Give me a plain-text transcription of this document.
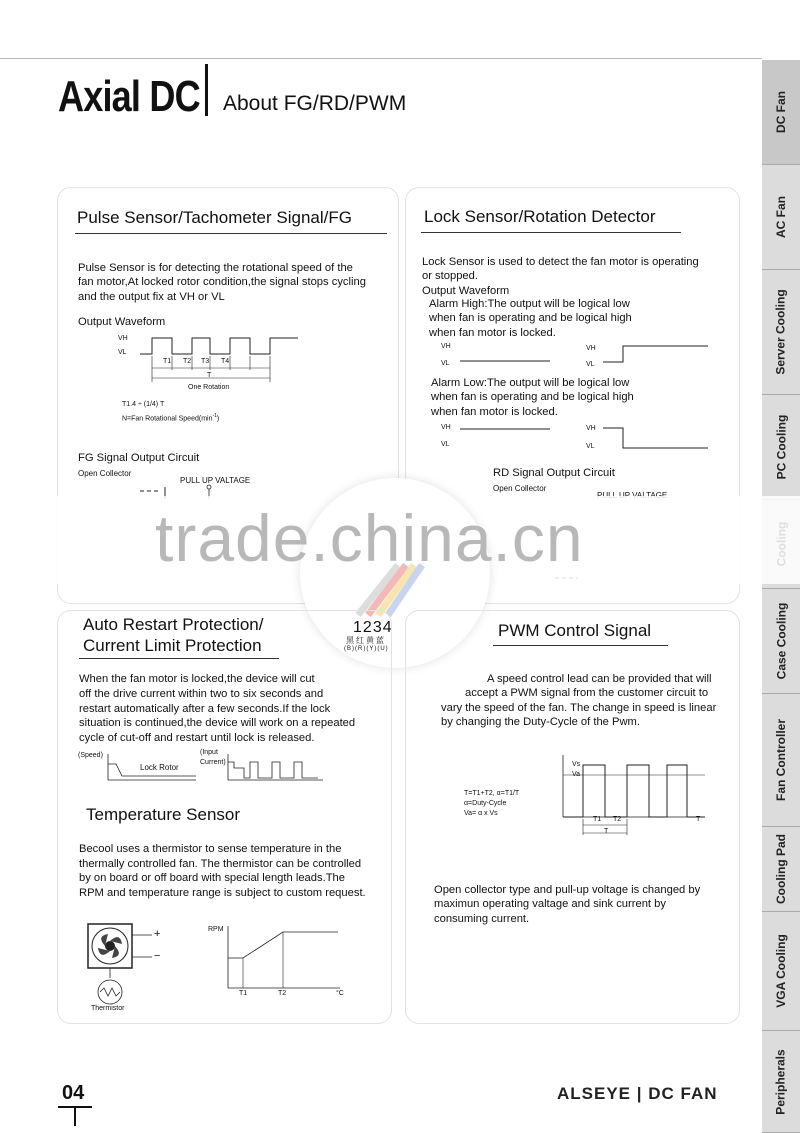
Axial DC About FG/RD/PWM	DC Fan
AC Fan
Server Cooling
PC Cooling
Case Cooling
Fan Controller
Cooling Pad
VGA Cooling
Peripherals
Pulse Sensor/Tachometer Signal/FG
Pulse Sensor is for detecting the rotational speed of the
fan motor,At locked rotor condition,the signal stops cycling
and the output fix at VH or VL
Output Waveform
VH
VL
T1 T2 T3 T4
T
One Rotation
T1.4 ÷ (1/4) T
N=Fan Rotational $Speed(\min^{-1})$
FG Signal Output Circuit
Open Collector
PULL UP VALTAGE
Lock Sensor/Rotation Detector
Lock Sensor is used to detect the fan motor is operating
or stopped.
Output Waveform
Alarm High:The output will be logical low
when fan is operating and be logical high
when fan motor is locked.
VH
VL
VH
VL
Alarm Low:The output will be logical low
when fan is operating and be logical high
when fan motor is locked.
VH
VL
VH
VL
RD Signal Output Circuit
Open Collector
trade.china.cn
1234
黑红黄蓝
(B)(R)(Y)(U)
Auto Restart Protection/
Current Limit Protection
When the fan motor is locked,the device will cut
off the drive current within two to six seconds and
restart automatically after a few seconds.If the lock
situation is continued,the device will work on a repeated
cycle of cut-off and restart until lock is released.
(Speed)
Lock Rotor
(Input
Current)
Temperature Sensor
Becool uses a thermistor to sense temperature in the
thermally controlled fan. The thermistor can be controlled
by on board or off board with special length leads.The
RPM and temperature range is subject to custom request.
+
−
Thermistor
RPM
T1	T2	°C
PWM Control Signal
A speed control lead can be provided that will
accept a PWM signal from the customer circuit to
vary the speed of the fan. The change in speed is linear
by changing the Duty-Cycle of the Pwm.
Vs
Va
T1 T2
T
T
T=T1+T2, α=T1/T
α=Duty-Cycle
Va= α x Vs
Open collector type and pull-up voltage is changed by
maximun operating valtage and sink current by
consuming current.
04	ALSEYE | DC FAN
